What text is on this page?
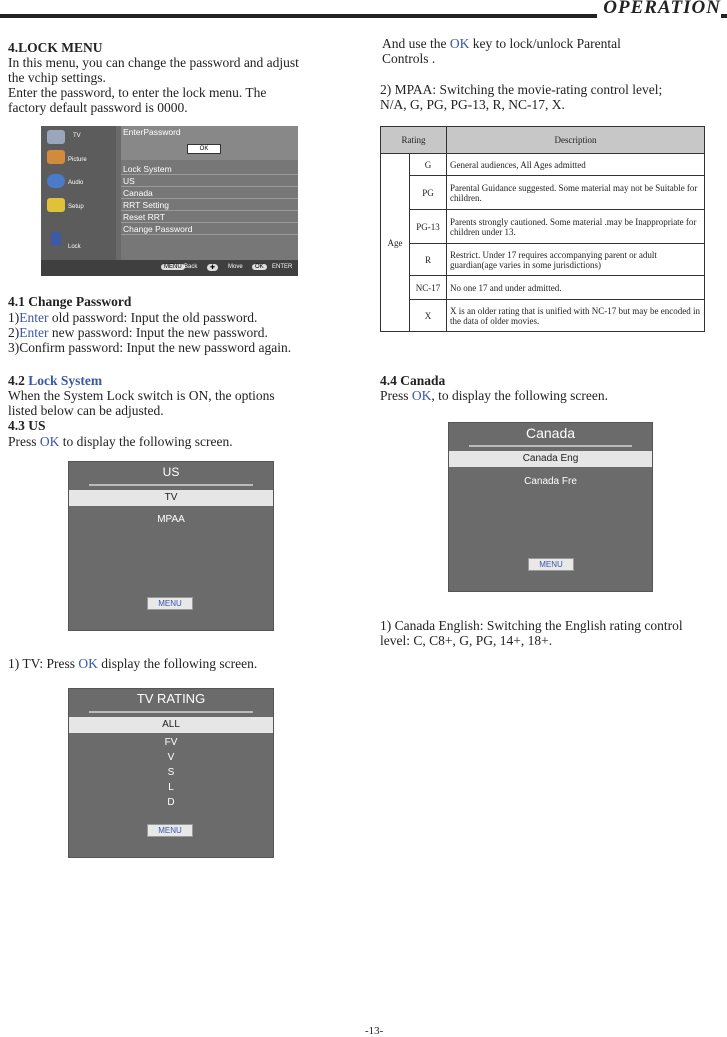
OPERATION
4.LOCK MENU
In this menu, you can change the password and adjust
the vchip settings.
Enter the password, to enter the lock menu. The
factory default password is 0000.
TV
Picture
Audio
Setup
Lock
EnterPassword
OK
Lock System
US
Canada
RRT Setting
Reset RRT
Change Password
MENU Back	✚	Move	OK	ENTER
4.1 Change Password
1)Enter old password: Input the old password.
2)Enter new password: Input the new password.
3)Confirm password: Input the new password again.
4.2 Lock System
When the System Lock switch is ON, the options
listed below can be adjusted.
4.3 US
Press OK to display the following screen.
US
TV
MPAA
MENU
1) TV: Press OK display the following screen.
TV RATING
ALL
FV
V
S
L
D
MENU
And use the OK key to lock/unlock Parental
Controls .
2) MPAA: Switching the movie-rating control level;
N/A, G, PG, PG-13, R, NC-17, X.
Rating		Description
Age	G	General audiences, All Ages admitted
	PG	Parental Guidance suggested. Some material may not be Suitable for children.
	PG-13	Parents strongly cautioned. Some material .may be Inappropriate for children under 13.
	R	Restrict. Under 17 requires accompanying parent or adult guardian(age varies in some jurisdictions)
	NC-17	No one 17 and under admitted.
	X	X is an older rating that is unified with NC-17 but may be encoded in the data of older movies.
4.4 Canada
Press OK, to display the following screen.
Canada
Canada Eng
Canada Fre
MENU
1) Canada English: Switching the English rating control
level: C, C8+, G, PG, 14+, 18+.
-13-
